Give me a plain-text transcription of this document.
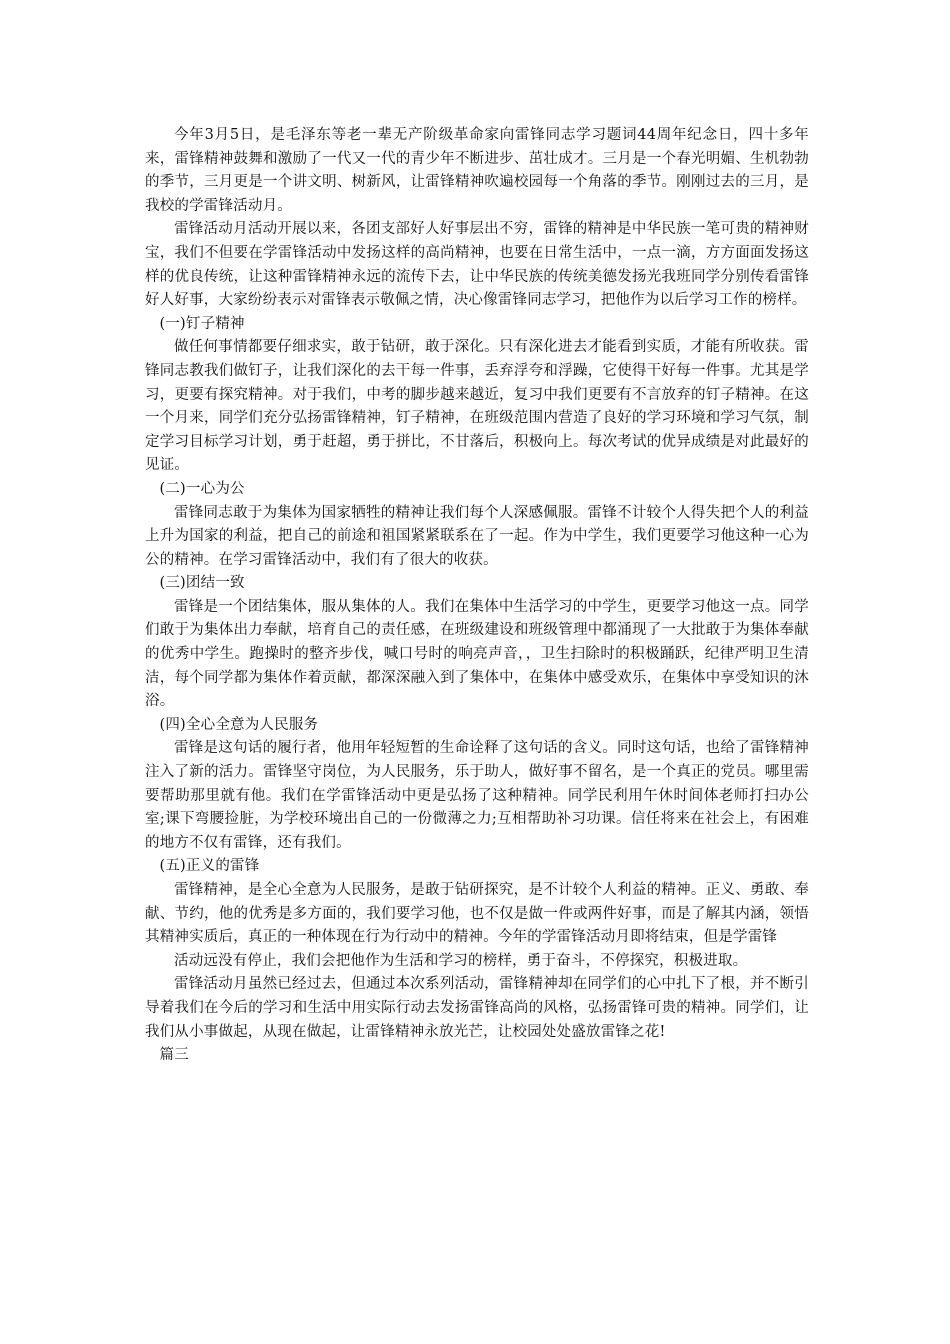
今年3月5日，是毛泽东等老一辈无产阶级革命家向雷锋同志学习题词44周年纪念日，四十多年来，雷锋精神鼓舞和激励了一代又一代的青少年不断进步、茁壮成才。三月是一个春光明媚、生机勃勃的季节，三月更是一个讲文明、树新风，让雷锋精神吹遍校园每一个角落的季节。刚刚过去的三月，是我校的学雷锋活动月。

雷锋活动月活动开展以来，各团支部好人好事层出不穷，雷锋的精神是中华民族一笔可贵的精神财宝，我们不但要在学雷锋活动中发扬这样的高尚精神，也要在日常生活中，一点一滴，方方面面发扬这样的优良传统，让这种雷锋精神永远的流传下去，让中华民族的传统美德发扬光我班同学分别传看雷锋好人好事，大家纷纷表示对雷锋表示敬佩之情，决心像雷锋同志学习，把他作为以后学习工作的榜样。

(一)钉子精神

做任何事情都要仔细求实，敢于钻研，敢于深化。只有深化进去才能看到实质，才能有所收获。雷锋同志教我们做钉子，让我们深化的去干每一件事，丢弃浮夸和浮躁，它使得干好每一件事。尤其是学习，更要有探究精神。对于我们，中考的脚步越来越近，复习中我们更要有不言放弃的钉子精神。在这一个月来，同学们充分弘扬雷锋精神，钉子精神，在班级范围内营造了良好的学习环境和学习气氛，制定学习目标学习计划，勇于赶超，勇于拼比，不甘落后，积极向上。每次考试的优异成绩是对此最好的见证。

(二)一心为公

雷锋同志敢于为集体为国家牺牲的精神让我们每个人深感佩服。雷锋不计较个人得失把个人的利益上升为国家的利益，把自己的前途和祖国紧紧联系在了一起。作为中学生，我们更要学习他这种一心为公的精神。在学习雷锋活动中，我们有了很大的收获。

(三)团结一致

雷锋是一个团结集体，服从集体的人。我们在集体中生活学习的中学生，更要学习他这一点。同学们敢于为集体出力奉献，培育自己的责任感，在班级建设和班级管理中都涌现了一大批敢于为集体奉献的优秀中学生。跑操时的整齐步伐，喊口号时的响亮声音，，卫生扫除时的积极踊跃，纪律严明卫生清洁，每个同学都为集体作着贡献，都深深融入到了集体中，在集体中感受欢乐，在集体中享受知识的沐浴。

(四)全心全意为人民服务

雷锋是这句话的履行者，他用年轻短暂的生命诠释了这句话的含义。同时这句话，也给了雷锋精神注入了新的活力。雷锋坚守岗位，为人民服务，乐于助人，做好事不留名，是一个真正的党员。哪里需要帮助那里就有他。我们在学雷锋活动中更是弘扬了这种精神。同学民利用午休时间体老师打扫办公室;课下弯腰捡脏，为学校环境出自己的一份微薄之力;互相帮助补习功课。信任将来在社会上，有困难的地方不仅有雷锋，还有我们。

(五)正义的雷锋

雷锋精神，是全心全意为人民服务，是敢于钻研探究，是不计较个人利益的精神。正义、勇敢、奉献、节约，他的优秀是多方面的，我们要学习他，也不仅是做一件或两件好事，而是了解其内涵，领悟其精神实质后，真正的一种体现在行为行动中的精神。今年的学雷锋活动月即将结束，但是学雷锋

活动远没有停止，我们会把他作为生活和学习的榜样，勇于奋斗，不停探究，积极进取。

雷锋活动月虽然已经过去，但通过本次系列活动，雷锋精神却在同学们的心中扎下了根，并不断引导着我们在今后的学习和生活中用实际行动去发扬雷锋高尚的风格，弘扬雷锋可贵的精神。同学们，让我们从小事做起，从现在做起，让雷锋精神永放光芒，让校园处处盛放雷锋之花!

篇三
